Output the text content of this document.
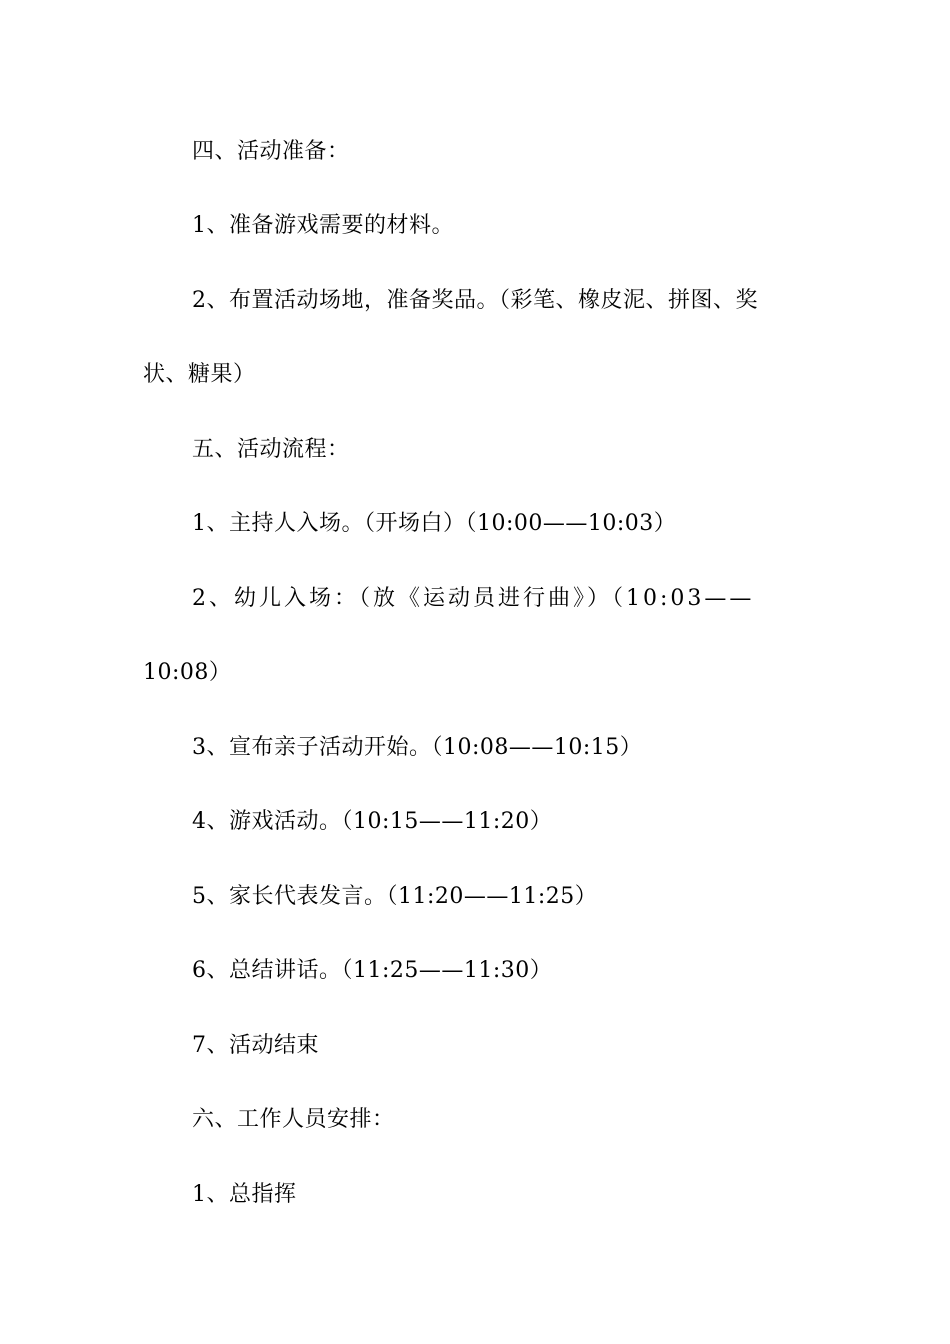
四、活动准备：
1、准备游戏需要的材料。
2、布置活动场地，准备奖品。（彩笔、橡皮泥、拼图、奖
状、糖果）
五、活动流程：
1、主持人入场。（开场白）（10:00——10:03）
2、幼儿入场：（放《运动员进行曲》）（10:03——
10:08）
3、宣布亲子活动开始。（10:08——10:15）
4、游戏活动。（10:15——11:20）
5、家长代表发言。（11:20——11:25）
6、总结讲话。（11:25——11:30）
7、活动结束
六、工作人员安排：
1、总指挥
